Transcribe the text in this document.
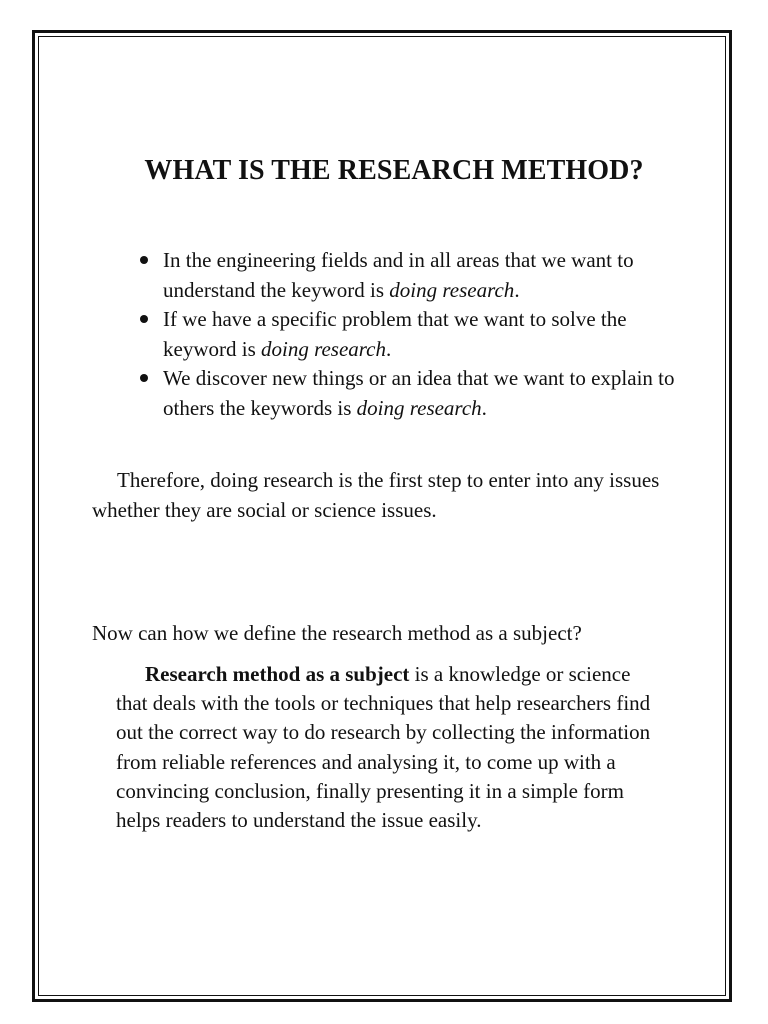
WHAT IS THE RESEARCH METHOD?
In the engineering fields and in all areas that we want to understand the keyword is doing research.
If we have a specific problem that we want to solve the keyword is doing research.
We discover new things or an idea that we want to explain to others the keywords is doing research.

Therefore, doing research is the first step to enter into any issues whether they are social or science issues.

Now can how we define the research method as a subject?

Research method as a subject is a knowledge or science that deals with the tools or techniques that help researchers find out the correct way to do research by collecting the information from reliable references and analysing it, to come up with a convincing conclusion, finally presenting it in a simple form helps readers to understand the issue easily.
